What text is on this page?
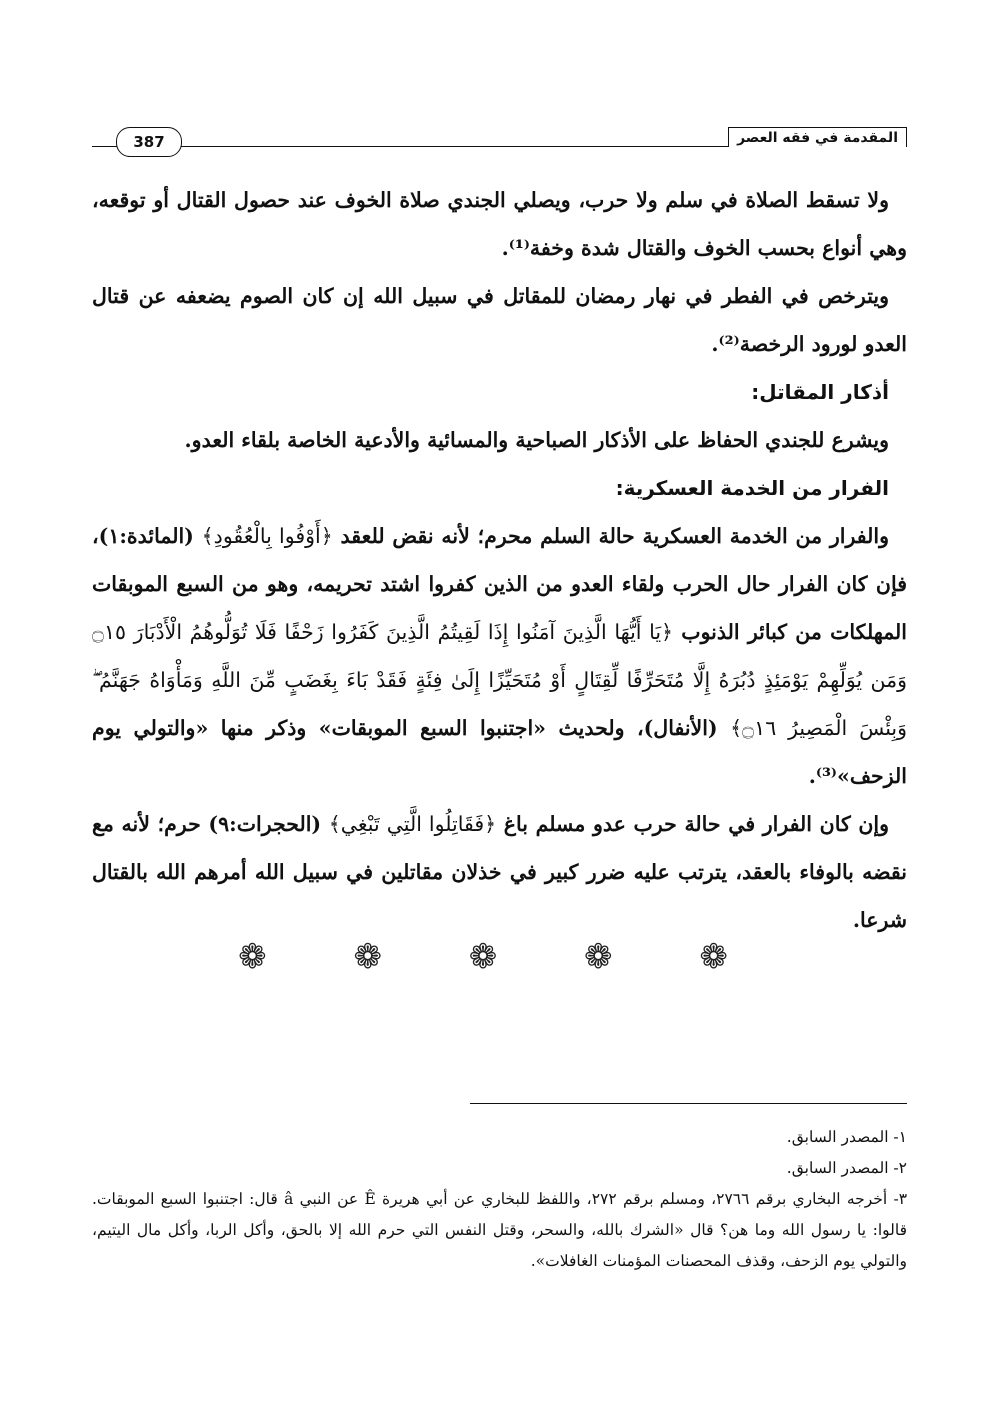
المقدمة في فقه العصر
387

ولا تسقط الصلاة في سلم ولا حرب، ويصلي الجندي صلاة الخوف عند حصول القتال أو توقعه، وهي أنواع بحسب الخوف والقتال شدة وخفة⁽¹⁾.

ويترخص في الفطر في نهار رمضان للمقاتل في سبيل الله إن كان الصوم يضعفه عن قتال العدو لورود الرخصة⁽²⁾.

أذكار المقاتل:

ويشرع للجندي الحفاظ على الأذكار الصباحية والمسائية والأدعية الخاصة بلقاء العدو.

الفرار من الخدمة العسكرية:

والفرار من الخدمة العسكرية حالة السلم محرم؛ لأنه نقض للعقد ﴿أَوْفُوا بِالْعُقُودِ﴾ (المائدة:١)، فإن كان الفرار حال الحرب ولقاء العدو من الذين كفروا اشتد تحريمه، وهو من السبع الموبقات المهلكات من كبائر الذنوب ﴿يَا أَيُّهَا الَّذِينَ آمَنُوا إِذَا لَقِيتُمُ الَّذِينَ كَفَرُوا زَحْفًا فَلَا تُوَلُّوهُمُ الْأَدْبَارَ ۝١٥ وَمَن يُوَلِّهِمْ يَوْمَئِذٍ دُبُرَهُ إِلَّا مُتَحَرِّفًا لِّقِتَالٍ أَوْ مُتَحَيِّزًا إِلَىٰ فِئَةٍ فَقَدْ بَاءَ بِغَضَبٍ مِّنَ اللَّهِ وَمَأْوَاهُ جَهَنَّمُ ۖ وَبِئْسَ الْمَصِيرُ ۝١٦﴾ (الأنفال)، ولحديث «اجتنبوا السبع الموبقات» وذكر منها «والتولي يوم الزحف»⁽³⁾.

وإن كان الفرار في حالة حرب عدو مسلم باغ ﴿فَقَاتِلُوا الَّتِي تَبْغِي﴾ (الحجرات:٩) حرم؛ لأنه مع نقضه بالوفاء بالعقد، يترتب عليه ضرر كبير في خذلان مقاتلين في سبيل الله أمرهم الله بالقتال شرعا.

❁ ❁ ❁ ❁ ❁

١- المصدر السابق.

٢- المصدر السابق.

٣- أخرجه البخاري برقم ٢٧٦٦، ومسلم برقم ٢٧٢، واللفظ للبخاري عن أبي هريرة Ê عن النبي â قال: اجتنبوا السبع الموبقات. قالوا: يا رسول الله وما هن؟ قال «الشرك بالله، والسحر، وقتل النفس التي حرم الله إلا بالحق، وأكل الربا، وأكل مال اليتيم، والتولي يوم الزحف، وقذف المحصنات المؤمنات الغافلات».
